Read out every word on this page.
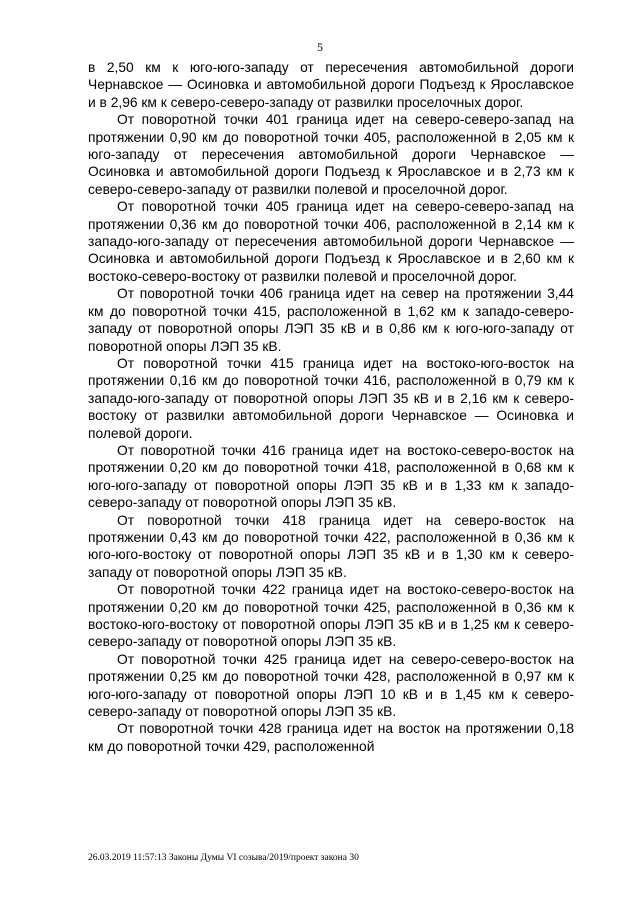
5

в 2,50 км к юго-юго-западу от пересечения автомобильной дороги Чернавское — Осиновка и автомобильной дороги Подъезд к Ярославское и в 2,96 км к северо-северо-западу от развилки проселочных дорог.

От поворотной точки 401 граница идет на северо-северо-запад на протяжении 0,90 км до поворотной точки 405, расположенной в 2,05 км к юго-западу от пересечения автомобильной дороги Чернавское — Осиновка и автомобильной дороги Подъезд к Ярославское и в 2,73 км к северо-северо-западу от развилки полевой и проселочной дорог.

От поворотной точки 405 граница идет на северо-северо-запад на протяжении 0,36 км до поворотной точки 406, расположенной в 2,14 км к западо-юго-западу от пересечения автомобильной дороги Чернавское — Осиновка и автомобильной дороги Подъезд к Ярославское и в 2,60 км к востоко-северо-востоку от развилки полевой и проселочной дорог.

От поворотной точки 406 граница идет на север на протяжении 3,44 км до поворотной точки 415, расположенной в 1,62 км к западо-северо-западу от поворотной опоры ЛЭП 35 кВ и в 0,86 км к юго-юго-западу от поворотной опоры ЛЭП 35 кВ.

От поворотной точки 415 граница идет на востоко-юго-восток на протяжении 0,16 км до поворотной точки 416, расположенной в 0,79 км к западо-юго-западу от поворотной опоры ЛЭП 35 кВ и в 2,16 км к северо-востоку от развилки автомобильной дороги Чернавское — Осиновка и полевой дороги.

От поворотной точки 416 граница идет на востоко-северо-восток на протяжении 0,20 км до поворотной точки 418, расположенной в 0,68 км к юго-юго-западу от поворотной опоры ЛЭП 35 кВ и в 1,33 км к западо-северо-западу от поворотной опоры ЛЭП 35 кВ.

От поворотной точки 418 граница идет на северо-восток на протяжении 0,43 км до поворотной точки 422, расположенной в 0,36 км к юго-юго-востоку от поворотной опоры ЛЭП 35 кВ и в 1,30 км к северо-западу от поворотной опоры ЛЭП 35 кВ.

От поворотной точки 422 граница идет на востоко-северо-восток на протяжении 0,20 км до поворотной точки 425, расположенной в 0,36 км к востоко-юго-востоку от поворотной опоры ЛЭП 35 кВ и в 1,25 км к северо-северо-западу от поворотной опоры ЛЭП 35 кВ.

От поворотной точки 425 граница идет на северо-северо-восток на протяжении 0,25 км до поворотной точки 428, расположенной в 0,97 км к юго-юго-западу от поворотной опоры ЛЭП 10 кВ и в 1,45 км к северо-северо-западу от поворотной опоры ЛЭП 35 кВ.

От поворотной точки 428 граница идет на восток на протяжении 0,18 км до поворотной точки 429, расположенной

26.03.2019 11:57:13 Законы Думы VI созыва/2019/проект закона 30
